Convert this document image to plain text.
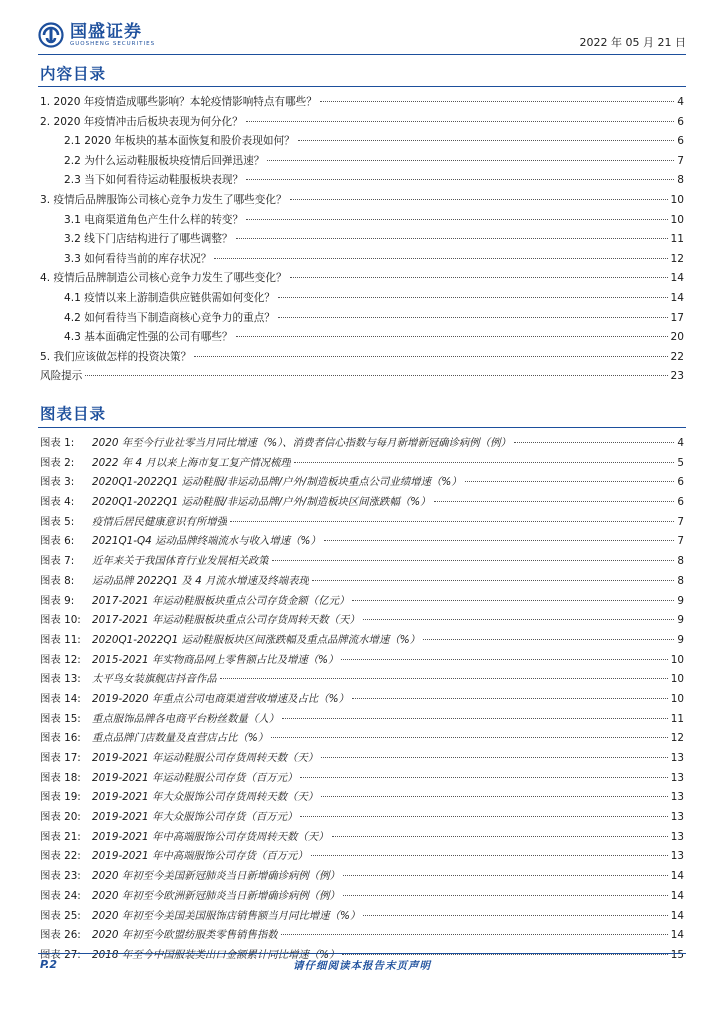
国盛证券
GUOSHENG SECURITIES	2022 年 05 月 21 日
内容目录
1. 2020 年疫情造成哪些影响？本轮疫情影响特点有哪些？	4
2. 2020 年疫情冲击后板块表现为何分化？	6
2.1 2020 年板块的基本面恢复和股价表现如何？	6
2.2 为什么运动鞋服板块疫情后回弹迅速？	7
2.3 当下如何看待运动鞋服板块表现？	8
3. 疫情后品牌服饰公司核心竞争力发生了哪些变化？	10
3.1 电商渠道角色产生什么样的转变？	10
3.2 线下门店结构进行了哪些调整？	11
3.3 如何看待当前的库存状况？	12
4. 疫情后品牌制造公司核心竞争力发生了哪些变化？	14
4.1 疫情以来上游制造供应链供需如何变化？	14
4.2 如何看待当下制造商核心竞争力的重点？	17
4.3 基本面确定性强的公司有哪些？	20
5. 我们应该做怎样的投资决策？	22
风险提示	23
图表目录
图表 1:	2020 年至今行业社零当月同比增速（%）、消费者信心指数与每月新增新冠确诊病例（例）	4
图表 2:	2022 年 4 月以来上海市复工复产情况梳理	5
图表 3:	2020Q1-2022Q1 运动鞋服/非运动品牌/户外/制造板块重点公司业绩增速（%）	6
图表 4:	2020Q1-2022Q1 运动鞋服/非运动品牌/户外/制造板块区间涨跌幅（%）	6
图表 5:	疫情后居民健康意识有所增强	7
图表 6:	2021Q1-Q4 运动品牌终端流水与收入增速（%）	7
图表 7:	近年来关于我国体育行业发展相关政策	8
图表 8:	运动品牌 2022Q1 及 4 月流水增速及终端表现	8
图表 9:	2017-2021 年运动鞋服板块重点公司存货金额（亿元）	9
图表 10:	2017-2021 年运动鞋服板块重点公司存货周转天数（天）	9
图表 11:	2020Q1-2022Q1 运动鞋服板块区间涨跌幅及重点品牌流水增速（%）	9
图表 12:	2015-2021 年实物商品网上零售额占比及增速（%）	10
图表 13:	太平鸟女装旗舰店抖音作品	10
图表 14:	2019-2020 年重点公司电商渠道营收增速及占比（%）	10
图表 15:	重点服饰品牌各电商平台粉丝数量（人）	11
图表 16:	重点品牌门店数量及直营店占比（%）	12
图表 17:	2019-2021 年运动鞋服公司存货周转天数（天）	13
图表 18:	2019-2021 年运动鞋服公司存货（百万元）	13
图表 19:	2019-2021 年大众服饰公司存货周转天数（天）	13
图表 20:	2019-2021 年大众服饰公司存货（百万元）	13
图表 21:	2019-2021 年中高端服饰公司存货周转天数（天）	13
图表 22:	2019-2021 年中高端服饰公司存货（百万元）	13
图表 23:	2020 年初至今美国新冠肺炎当日新增确诊病例（例）	14
图表 24:	2020 年初至今欧洲新冠肺炎当日新增确诊病例（例）	14
图表 25:	2020 年初至今美国美国服饰店销售额当月同比增速（%）	14
图表 26:	2020 年初至今欧盟纺服类零售销售指数	14
图表 27:	2018 年至今中国服装类出口金额累计同比增速（%）	15
P.2	请仔细阅读本报告末页声明
